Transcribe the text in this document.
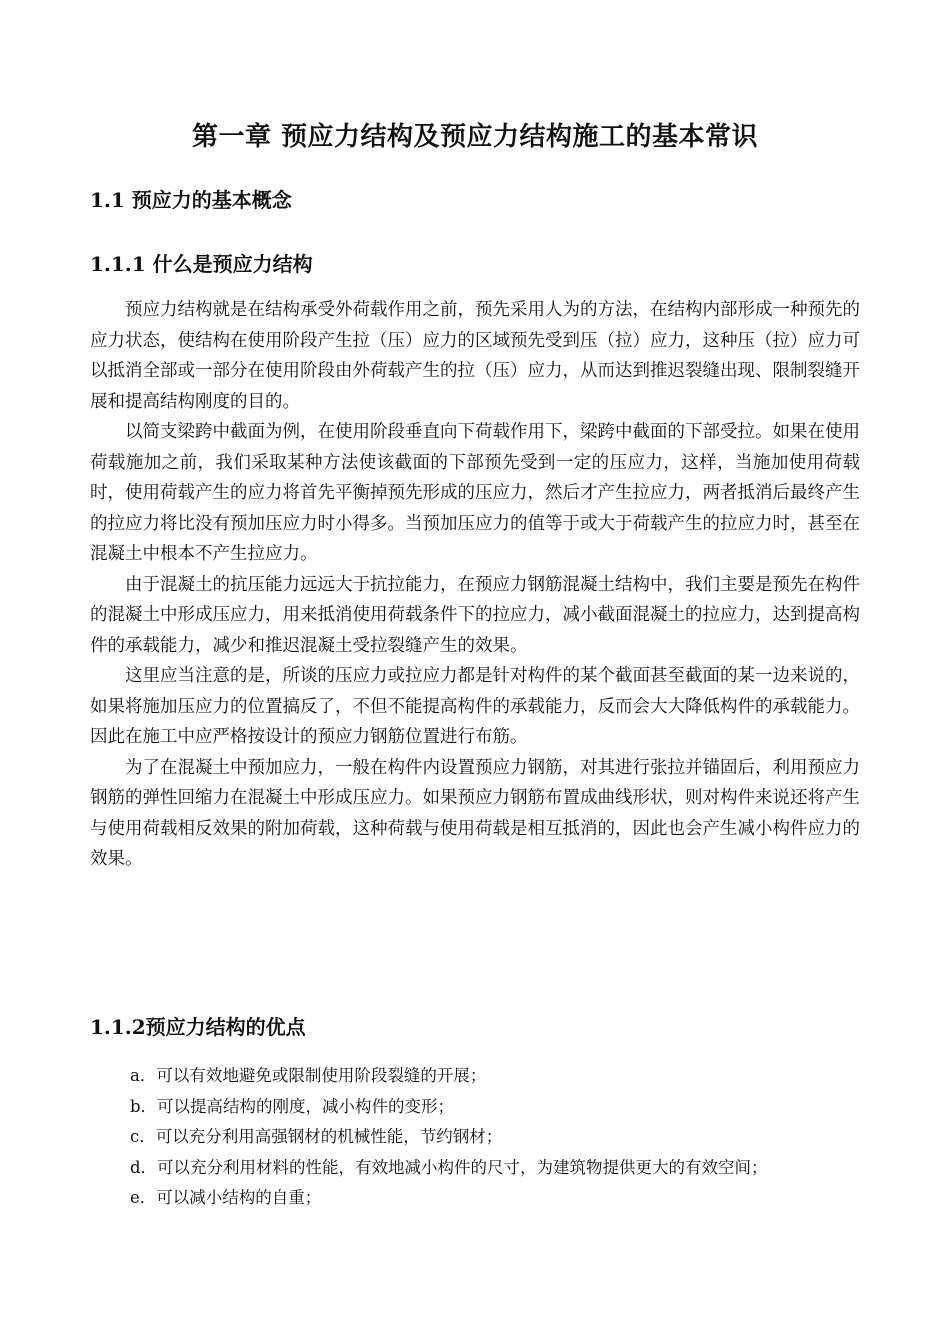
第一章 预应力结构及预应力结构施工的基本常识
1.1 预应力的基本概念
1.1.1 什么是预应力结构

预应力结构就是在结构承受外荷载作用之前，预先采用人为的方法，在结构内部形成一种预先的应力状态，使结构在使用阶段产生拉（压）应力的区域预先受到压（拉）应力，这种压（拉）应力可以抵消全部或一部分在使用阶段由外荷载产生的拉（压）应力，从而达到推迟裂缝出现、限制裂缝开展和提高结构刚度的目的。

以简支梁跨中截面为例，在使用阶段垂直向下荷载作用下，梁跨中截面的下部受拉。如果在使用荷载施加之前，我们采取某种方法使该截面的下部预先受到一定的压应力，这样，当施加使用荷载时，使用荷载产生的应力将首先平衡掉预先形成的压应力，然后才产生拉应力，两者抵消后最终产生的拉应力将比没有预加压应力时小得多。当预加压应力的值等于或大于荷载产生的拉应力时，甚至在混凝土中根本不产生拉应力。

由于混凝土的抗压能力远远大于抗拉能力，在预应力钢筋混凝土结构中，我们主要是预先在构件的混凝土中形成压应力，用来抵消使用荷载条件下的拉应力，减小截面混凝土的拉应力，达到提高构件的承载能力，减少和推迟混凝土受拉裂缝产生的效果。

这里应当注意的是，所谈的压应力或拉应力都是针对构件的某个截面甚至截面的某一边来说的，如果将施加压应力的位置搞反了，不但不能提高构件的承载能力，反而会大大降低构件的承载能力。因此在施工中应严格按设计的预应力钢筋位置进行布筋。

为了在混凝土中预加应力，一般在构件内设置预应力钢筋，对其进行张拉并锚固后，利用预应力钢筋的弹性回缩力在混凝土中形成压应力。如果预应力钢筋布置成曲线形状，则对构件来说还将产生与使用荷载相反效果的附加荷载，这种荷载与使用荷载是相互抵消的，因此也会产生减小构件应力的效果。

1.1.2预应力结构的优点
a．可以有效地避免或限制使用阶段裂缝的开展；
b．可以提高结构的刚度，减小构件的变形；
c．可以充分利用高强钢材的机械性能，节约钢材；
d．可以充分利用材料的性能，有效地减小构件的尺寸，为建筑物提供更大的有效空间；
e．可以减小结构的自重；
